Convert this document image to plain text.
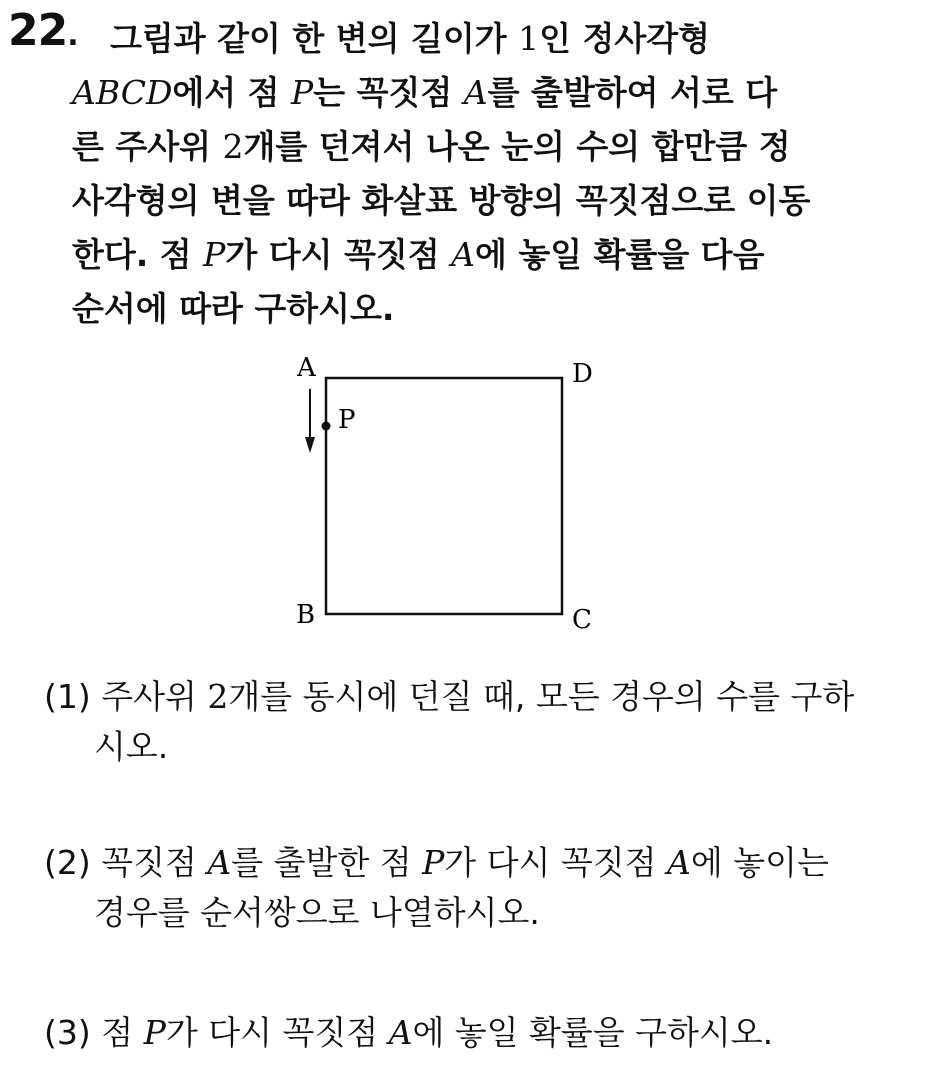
22. 그림과 같이 한 변의 길이가 1인 정사각형
ABCD에서 점 P는 꼭짓점 A를 출발하여 서로 다
른 주사위 2개를 던져서 나온 눈의 수의 합만큼 정
사각형의 변을 따라 화살표 방향의 꼭짓점으로 이동
한다. 점 P가 다시 꼭짓점 A에 놓일 확률을 다음
순서에 따라 구하시오.
A	D
B	C
P
(1) 주사위 2개를 동시에 던질 때, 모든 경우의 수를 구하
시오.
(2) 꼭짓점 A를 출발한 점 P가 다시 꼭짓점 A에 놓이는
경우를 순서쌍으로 나열하시오.
(3) 점 P가 다시 꼭짓점 A에 놓일 확률을 구하시오.
